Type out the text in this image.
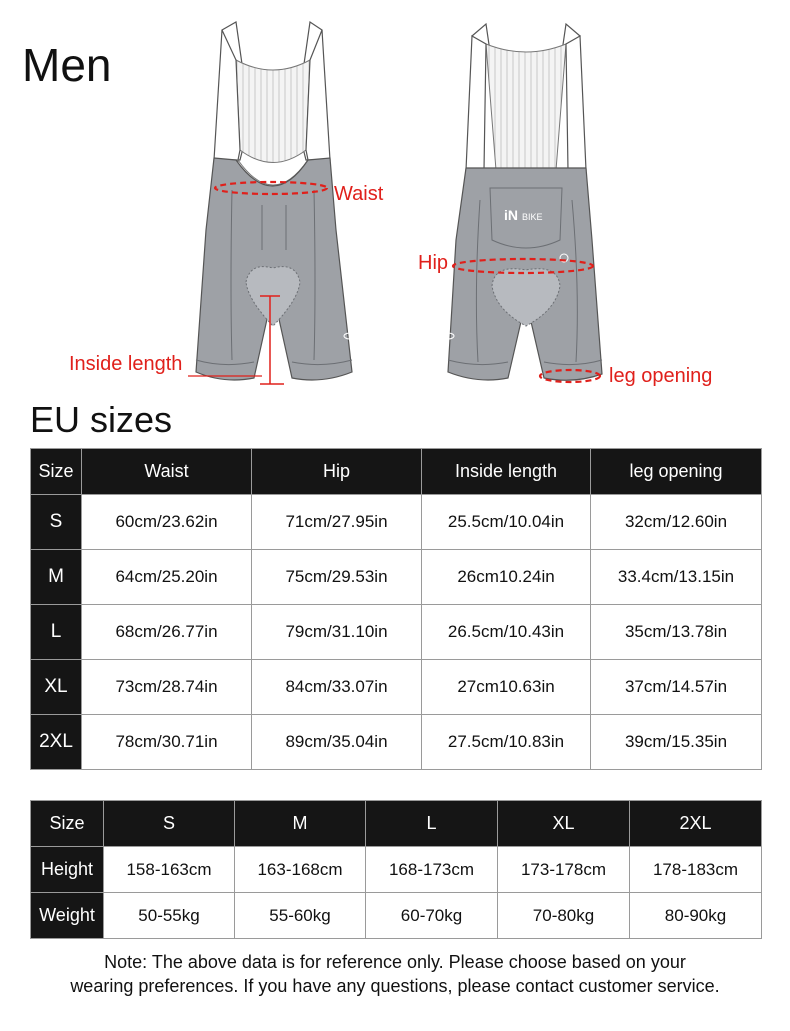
Men
iN BIKE
Waist
Hip
Inside length
leg opening
EU sizes
Size	Waist	Hip	Inside length	leg opening
S	60cm/23.62in	71cm/27.95in	25.5cm/10.04in	32cm/12.60in
M	64cm/25.20in	75cm/29.53in	26cm10.24in	33.4cm/13.15in
L	68cm/26.77in	79cm/31.10in	26.5cm/10.43in	35cm/13.78in
XL	73cm/28.74in	84cm/33.07in	27cm10.63in	37cm/14.57in
2XL	78cm/30.71in	89cm/35.04in	27.5cm/10.83in	39cm/15.35in
Size	S	M	L	XL	2XL
Height	158-163cm	163-168cm	168-173cm	173-178cm	178-183cm
Weight	50-55kg	55-60kg	60-70kg	70-80kg	80-90kg
Note: The above data is for reference only. Please choose based on your
wearing preferences. If you have any questions, please contact customer service.
